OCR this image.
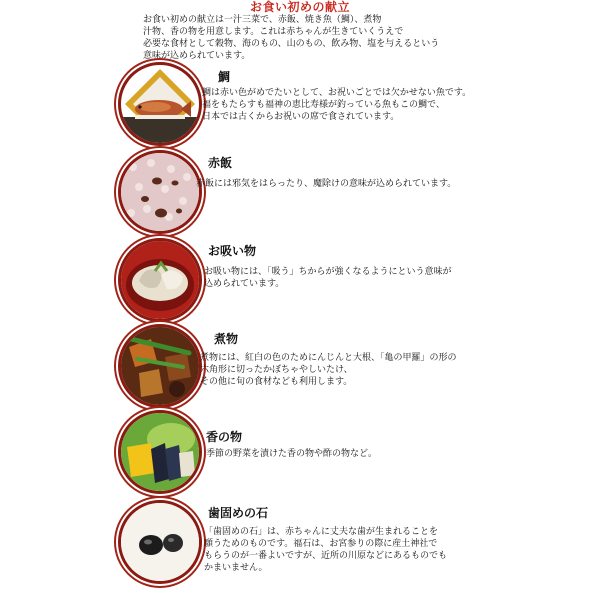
お食い初めの献立
お食い初めの献立は一汁三菜で、赤飯、焼き魚（鯛）、煮物
汁物、香の物を用意します。これは赤ちゃんが生きていくうえで
必要な食材として穀物、海のもの、山のもの、飲み物、塩を与えるという
意味が込められています。
鯛
鯛は赤い色がめでたいとして、お祝いごとでは欠かせない魚です。
福をもたらすも福神の恵比寿様が釣っている魚もこの鯛で、
日本では古くからお祝いの席で食されています。
赤飯
赤飯には邪気をはらったり、魔除けの意味が込められています。
お吸い物
お吸い物には、「吸う」ちからが強くなるようにという意味が
込められています。
煮物
煮物には、紅白の色のためにんじんと大根、「亀の甲羅」の形の
六角形に切ったかぼちゃやしいたけ、
その他に旬の食材なども利用します。
香の物
季節の野菜を漬けた香の物や酢の物など。
歯固めの石
「歯固めの石」は、赤ちゃんに丈夫な歯が生まれることを
願うためのものです。福石は、お宮参りの際に産土神社で
もらうのが一番よいですが、近所の川原などにあるものでも
かまいません。
